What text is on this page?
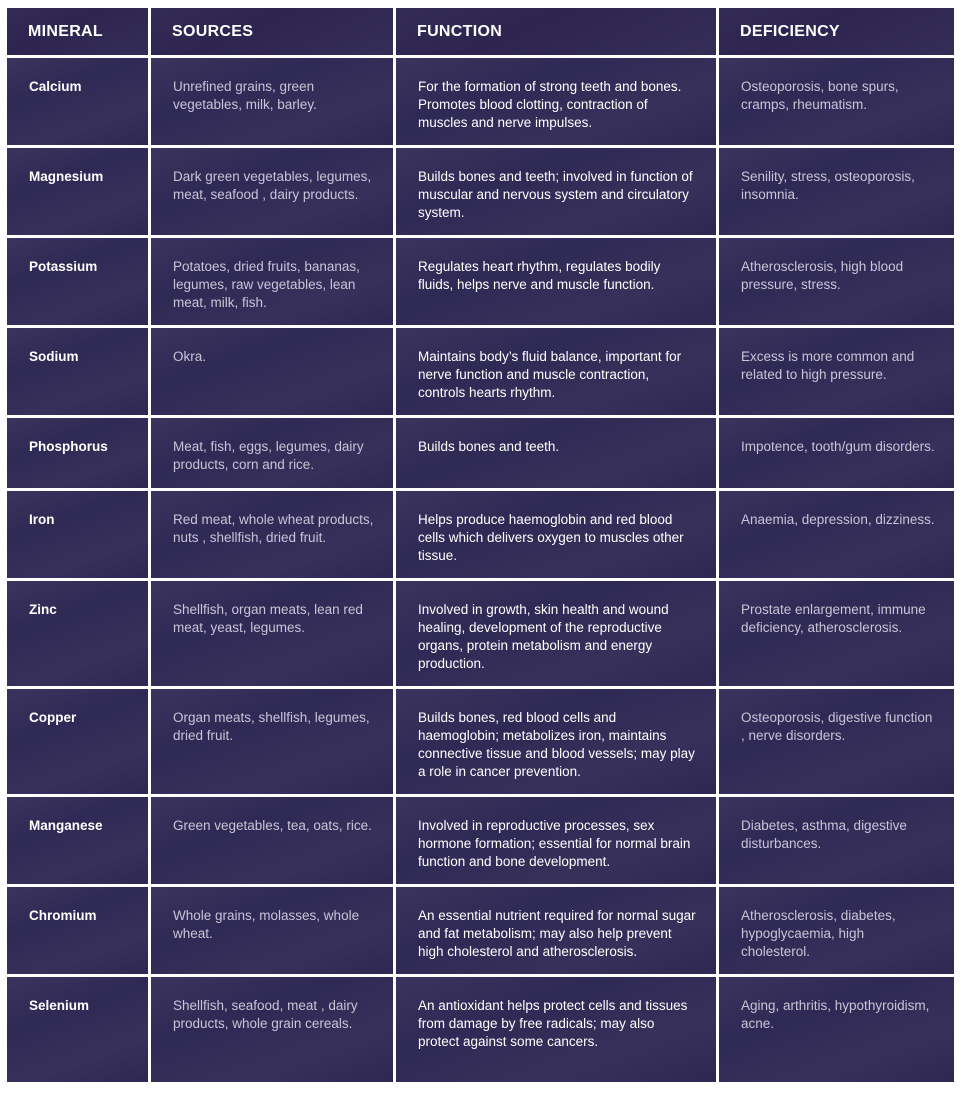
MINERAL	SOURCES	FUNCTION	DEFICIENCY

Calcium	Unrefined grains, green vegetables, milk, barley.	For the formation of strong teeth and bones. Promotes blood clotting, contraction of muscles and nerve impulses.	Osteoporosis, bone spurs, cramps, rheumatism.

Magnesium	Dark green vegetables, legumes, meat, seafood , dairy products.	Builds bones and teeth; involved in function of muscular and nervous system and circulatory system.	Senility, stress, osteoporosis, insomnia.

Potassium	Potatoes, dried fruits, bananas, legumes, raw vegetables, lean meat, milk, fish.	Regulates heart rhythm, regulates bodily fluids, helps nerve and muscle function.	Atherosclerosis, high blood pressure, stress.

Sodium	Okra.	Maintains body’s fluid balance, important for nerve function and muscle contraction, controls hearts rhythm.	Excess is more common and related to high pressure.

Phosphorus	Meat, fish, eggs, legumes, dairy products, corn and rice.	Builds bones and teeth.	Impotence, tooth/gum disorders.

Iron	Red meat, whole wheat products, nuts , shellfish, dried fruit.	Helps produce haemoglobin and red blood cells which delivers oxygen to muscles other tissue.	Anaemia, depression, dizziness.

Zinc	Shellfish, organ meats, lean red meat, yeast, legumes.	Involved in growth, skin health and wound healing, development of the reproductive organs, protein metabolism and energy production.	Prostate enlargement, immune deficiency, atherosclerosis.

Copper	Organ meats, shellfish, legumes, dried fruit.	Builds bones, red blood cells and haemoglobin; metabolizes iron, maintains connective tissue and blood vessels; may play a role in cancer prevention.	Osteoporosis, digestive function , nerve disorders.

Manganese	Green vegetables, tea, oats, rice.	Involved in reproductive processes, sex hormone formation; essential for normal brain function and bone development.	Diabetes, asthma, digestive disturbances.

Chromium	Whole grains, molasses, whole wheat.	An essential nutrient required for normal sugar and fat metabolism; may also help prevent high cholesterol and atherosclerosis.	Atherosclerosis, diabetes, hypoglycaemia, high cholesterol.

Selenium	Shellfish, seafood, meat , dairy products, whole grain cereals.	An antioxidant helps protect cells and tissues from damage by free radicals; may also protect against some cancers.	Aging, arthritis, hypothyroidism, acne.
